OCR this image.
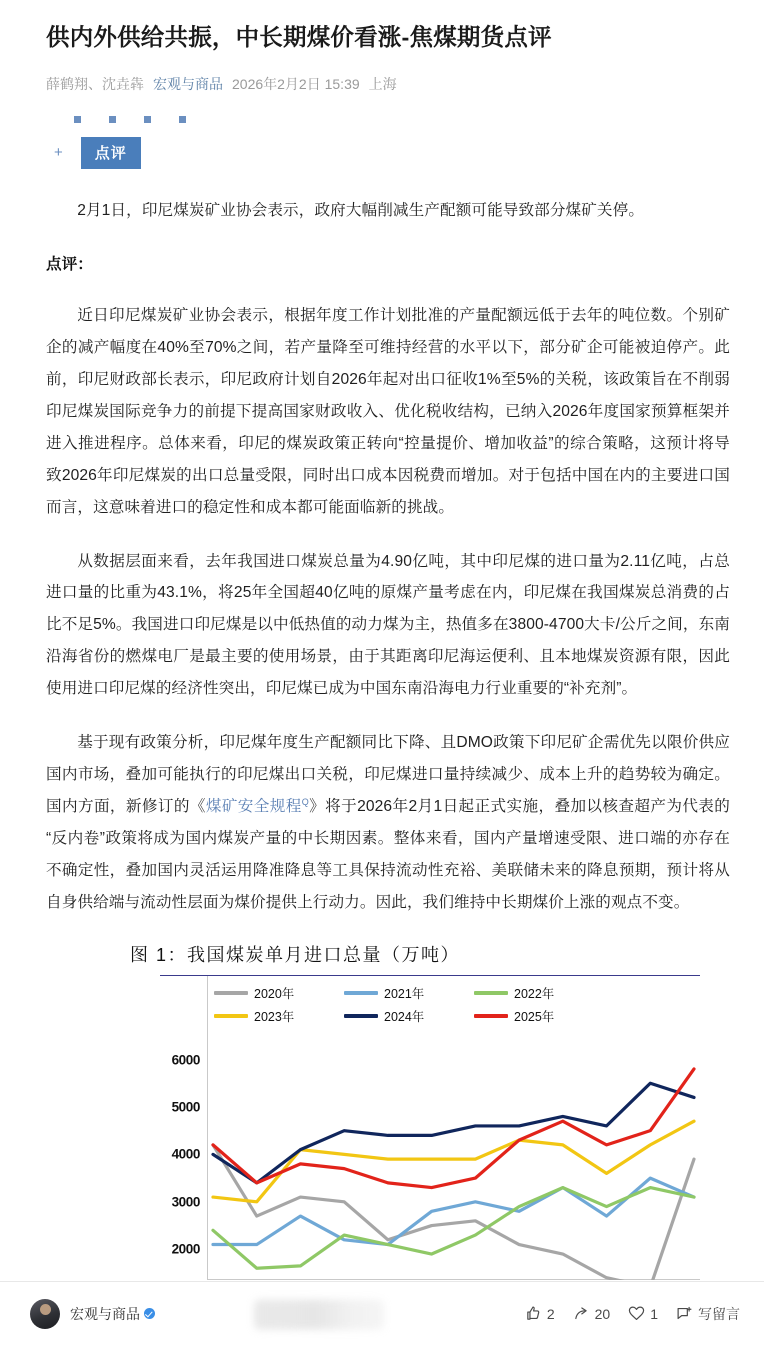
供内外供给共振，中长期煤价看涨-焦煤期货点评
薛鹤翔、沈垚犇 宏观与商品 2026年2月2日 15:39 上海
+	点评

2月1日，印尼煤炭矿业协会表示，政府大幅削减生产配额可能导致部分煤矿关停。

点评：

近日印尼煤炭矿业协会表示，根据年度工作计划批准的产量配额远低于去年的吨位数。个别矿企的减产幅度在40%至70%之间，若产量降至可维持经营的水平以下，部分矿企可能被迫停产。此前，印尼财政部长表示，印尼政府计划自2026年起对出口征收1%至5%的关税，该政策旨在不削弱印尼煤炭国际竞争力的前提下提高国家财政收入、优化税收结构，已纳入2026年度国家预算框架并进入推进程序。总体来看，印尼的煤炭政策正转向“控量提价、增加收益”的综合策略，这预计将导致2026年印尼煤炭的出口总量受限，同时出口成本因税费而增加。对于包括中国在内的主要进口国而言，这意味着进口的稳定性和成本都可能面临新的挑战。

从数据层面来看，去年我国进口煤炭总量为4.90亿吨，其中印尼煤的进口量为2.11亿吨，占总进口量的比重为43.1%，将25年全国超40亿吨的原煤产量考虑在内，印尼煤在我国煤炭总消费的占比不足5%。我国进口印尼煤是以中低热值的动力煤为主，热值多在3800-4700大卡/公斤之间，东南沿海省份的燃煤电厂是最主要的使用场景，由于其距离印尼海运便利、且本地煤炭资源有限，因此使用进口印尼煤的经济性突出，印尼煤已成为中国东南沿海电力行业重要的“补充剂”。

基于现有政策分析，印尼煤年度生产配额同比下降、且DMO政策下印尼矿企需优先以限价供应国内市场，叠加可能执行的印尼煤出口关税，印尼煤进口量持续减少、成本上升的趋势较为确定。国内方面，新修订的《煤矿安全规程$^Q$》将于2026年2月1日起正式实施，叠加以核查超产为代表的“反内卷”政策将成为国内煤炭产量的中长期因素。整体来看，国内产量增速受限、进口端的亦存在不确定性，叠加国内灵活运用降准降息等工具保持流动性充裕、美联储未来的降息预期，预计将从自身供给端与流动性层面为煤价提供上行动力。因此，我们维持中长期煤价上涨的观点不变。

图 1：我国煤炭单月进口总量（万吨）
2020年	2021年	2022年
2023年	2024年	2025年
2000
3000
4000
5000
6000
宏观与商品	2	20	1	写留言
